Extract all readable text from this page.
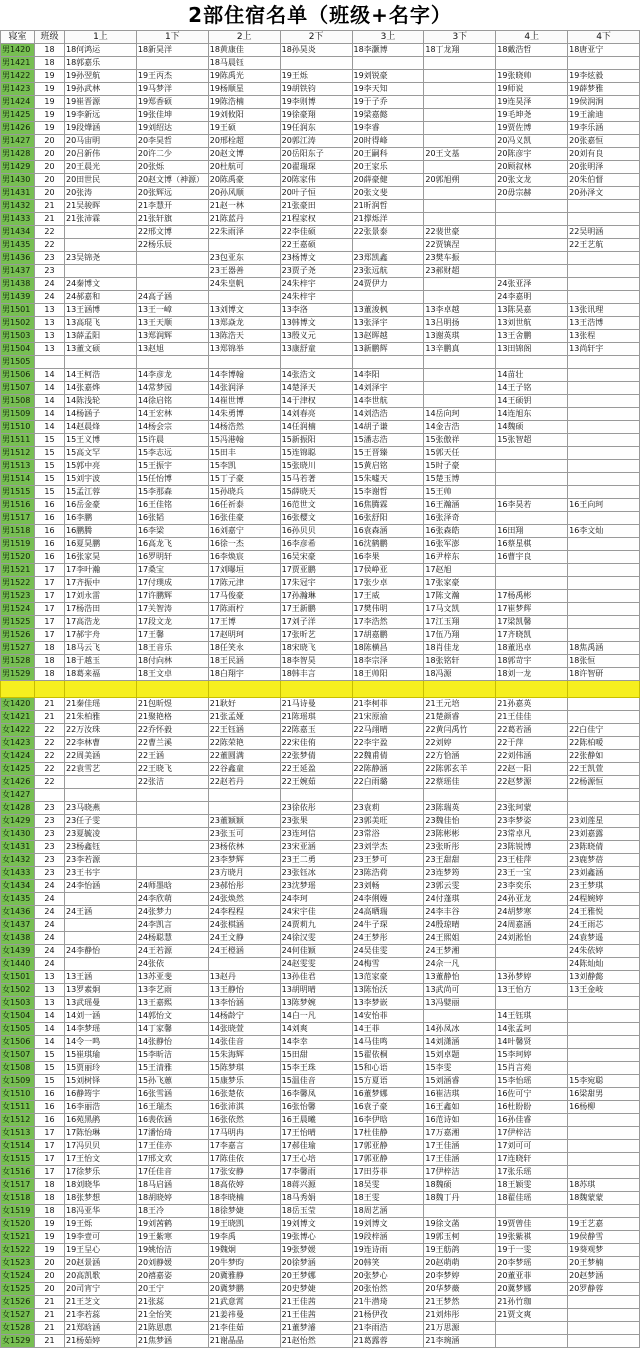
2部住宿名单（班级+名字）
寝室	班级	1上	1下	2上	2下	3上	3下	4上	4下
男1420	18	18何鸿运	18新昊洋	18黄康佳	18孙昊炎	18李灏博	18丁龙翔	18戴浩哲	18唐亚宁
男1421	18	18郭嘉乐		18马晨钰					
男1422	19	19孙翌航	19王丙杰	19陈禹光	19王烁	19刘锐豪		19张晓帅	19李炫毅
男1423	19	19孙武林	19马梦洋	19杨顺星	19胡铁钧	19李天知		19师说	19薛梦雅
男1424	19	19崔晋源	19郑香硕	19陈浩楠	19李则博	19于子乔		19连昊泽	19侯润涧
男1425	19	19李新远	19张佳坤	19刘攸阳	19徐豪翔	19梁嘉懿		19毛坤尧	19王渝迪
男1426	19	19段燁涵	19刘绍达	19王硕	19任润东	19李睿		19贾佐博	19李乐涵
男1427	20	20马宙明	20李昊哲	20邢栓超	20郭江涛	20时得峰		20冯义凯	20张嘉恒
男1428	20	20吕新伟	20许二少	20赵文博	20岳阳东子	20王嗣科	20王文基	20陈彦宇	20刘有良
男1429	20	20王晨光	20张烁	20杜航可	20翟瑞琛	20王家乐		20顾叙林	20张明泽
男1430	20	20田世民	20赵文博（神源）	20陈禹豪	20陈家伟	20薛豪健	20郭旭朔	20张文龙	20朱伯督
男1431	20	20张涛	20张辉远	20孙风顺	20叶子恒	20张文斐		20毋宗赫	20孙泽文
男1432	21	21吴骏晖	21李慧开	21赵一林	21张豪田	21昕润哲			
男1433	21	21张沛霖	21张轩旗	21陈蓝丹	21程家权	21撑烁洋			
男1434	22		22邢文博	22朱雨泽	22李佳硕	22张景泰	22裴世豪		22吴明涵
男1435	22		22杨乐辰		22王嘉硕		22贾镇涅		22王艺航
男1436	23	23吴锦尧		23包亚东	23杨博文	23郑凯鑫	23樊车振		
男1437	23			23王器善	23贾子尧	23张远航	23郝财超		
男1438	24	24秦博文		24朱皇帆	24朱梓宇	24贾伊力		24张亚泽	
男1439	24	24郝嘉和	24高子涵		24朱梓宇			24李嘉明	
男1501	13	13王涵博	13王一嶂	13刘博文	13李洛	13董浚枫	13李卓越	13陈昊嘉	13张讯理
男1502	13	13高琨飞	13王天顺	13郑焱龙	13韩博文	13张泽宇	13吕明扬	13刘世航	13王浩博
男1503	13	13薛孟阳	13郑润辉	13陈浩天	13殷义元	13赵晖越	13谢英琪	13王舍鹏	13张程
男1504	13	13董文硕	13赵旭	13郑锦举	13康舒童	13新鹏辉	13辛鹏真	13田锦阁	13尚轩宇
男1505									
男1506	14	14王柯浩	14李彦龙	14李博翰	14张浩文	14李阳		14苗壮	
男1507	14	14张嘉烨	14常梦园	14张润泽	14楚泽天	14刘泽宇		14王子铭	
男1508	14	14陈浅轮	14徐启铭	14崔世博	14于津权	14李世航		14王硕钥	
男1509	14	14杨涵子	14王宏林	14朱勇博	14刘春亮	14刘浩浩	14岳向珂	14连旭东	
男1510	14	14赵晨烽	14杨会宗	14杨浩然	14任润楠	14胡子谦	14金吉浩	14魏硕	
男1511	15	15王义博	15许晨	15冯港翰	15新振阳	15潘志浩	15张傲祥	15张智超	
男1512	15	15高文罕	15李志远	15田丰	15连锦聪	15王晋臻	15郭天任		
男1513	15	15郭中亮	15王振宇	15李凯	15张晓川	15黄启铭	15时子豪		
男1514	15	15刘宇波	15任怡博	15丁子豪	15马若著	15朱嘘天	15楚玉博		
男1515	15	15孟江蓉	15李那森	15孙晓兵	15薛晓天	15李谢哲	15王帅		
男1516	16	16岳金豪	16王佳铭	16任祈泰	16范世文	16焦腾霖	16王瀚涵	16李昊若	16王向珂
男1517	16	16李鹏	16张韬	16张佳豪	16张樱文	16张舒阳	16张泽奇		
男1518	16	16鹏腾	16李梁	16刘嘉宁	16孙贝贝	16袁森涵	16张森皓	16田翔	16李文灿
男1519	16	16夏昊鹏	16高龙飞	16徐一杰	16李彦希	16沈鹤鹏	16张军澎	16蔡星棋	
男1520	16	16张家昊	16罗明轩	16李焕宸	16吴宋豪	16李果	16尹梓东	16曹宇良	
男1521	17	17李叶瀚	17桑宝	17刘曝垣	17贾亚鹏	17侯峥亚	17赵旭		
男1522	17	17齐振中	17付璞成	17陈元津	17朱冠宇	17张少卓	17张家豪		
男1523	17	17刘永雷	17许鹏辉	17马俊豪	17孙瀚琳	17王威	17陈文瀚	17杨禹彬	
男1524	17	17杨浩田	17关智涛	17陈雨柠	17王新鹏	17樊伟明	17马文凯	17崔梦辉	
男1525	17	17高浩龙	17段文龙	17王博	17刘子洋	17李浩然	17江玉翔	17梁凯馨	
男1526	17	17郝宇舟	17王馨	17赵明珂	17张昕艺	17胡嘉鹏	17伍乃翔	17齐晓凯	
男1527	18	18马云飞	18王音乐	18任笑永	18宋晓飞	18陈横昌	18肖佳龙	18董迅卓	18焦禹涵
男1528	18	18于越玉	18付向林	18王民涵	18李智昊	18李宗泽	18张铭轩	18郭苛宇	18张恒
男1529	18	18葛来福	18王文卓	18白翔宇	18韩丰言	18王帅阳	18冯源	18刘一龙	18许智研

女1420	21	21秦佳瑶	21包昕煜	21耿好	21马诗曼	21李柯菲	21王元培	21孙嘉英	
女1421	21	21朱柏雅	21聚艳格	21张孟娅	21陈瑶琪	21宋原渝	21楚颜睿	21王佳佳	
女1422	22	22万汝珠	22乔怀毅	22王钰涵	22陈嘉玉	22马翊晴	22黄闫禹竹	22葛若涵	22白佳宁
女1423	22	22李林曹	22曹兰溪	22陈荣艳	22宋佳侑	22李宇盈	22刘婷	22于萍	22陈柏嗳
女1424	22	22周美涵	22王涵	22董圆满	22张梦倩	22魏甫倩	22方恰涵	22刘伟涵	22张静如
女1425	22	22袁雪艺	22王晓飞	22谷鑫童	22王延盈	22陈静涵	22陈郭玄羊	22赵一阳	22王凯萱
女1426	22		22张洁	22赵若丹	22王婉茹	22白雨璐	22蔡瑶佳	22赵梦源	22杨源恒
女1427									
女1428	23	23马晓燕			23徐依彤	23袁莉	23陈瑞英	23张珂蒙	
女1429	23	23任子雯		23董颖颖	23张果	23郭美旺	23魏佳怡	23李梦姿	23刘莲星
女1430	23	23夏毓凌		23张玉可	23连珂信	23常浴	23陈彬彬	23常卓凡	23刘嘉露
女1431	23	23杨鑫钰		23杨依林	23宋亚涵	23刘学杰	23张昕彤	23陈锐博	23陈晓倩
女1432	23	23李若源		23李梦辉	23王二勇	23王梦可	23王甜甜	23王桂萍	23鹿梦蓓
女1433	23	23王书宇		23方晓月	23张钰冰	23陈浩荷	23连梦筠	23王一宝	23刘鑫涵
女1434	24	24李怡涵	24师墨晗	23郝怡彤	23沈梦瑶	23刘畅	23郭云雯	23李奕乐	23王梦琪
女1435	24		24李欣萌	24张焕然	24李珂	24李俐嫚	24付蓬琪	24孙亚龙	24程婉婷
女1436	24	24王涵	24张梦力	24李程程	24宋宇佳	24高晒瑞	24李丰谷	24胡梦寒	24王雅悦
女1437	24		24李凯言	24张棋涵	24贾莉九	24牛子琛	24殷琼晴	24周嘉涵	24王雨芯
女1438	24		24杨聪慧	24王文静	24徐汉雯	24王梦彤	24王煕姐	24刘淞怡	24袁梦遥
女1439	24	24李静怡	24王若源	24王橙涵	24何佳颖	24吴佳雯	24王梦湘		24朱依婷
女1440	24		24张依		24赵雯雯	24梅雪	24佘一凡		24陈灿灿
女1501	13	13王涵	13苏亚斐	13赵丹	13孙佳君	13范家豪	13董静怡	13孙梦婷	13刘静懿
女1502	13	13罗素炯	13李艺雨	13王静怡	13胡明晴	13陈怡沃	13武尚可	13王怡方	13王金岐
女1503	13	13武瑶曼	13王嘉熙	13李怡涵	13陈梦婉	13李梦嵌	13冯嬖丽		
女1504	14	14刘一涵	14郭怡文	14杨龄宁	14白一凡	14安怡菲		14王钰琪	
女1505	14	14李梦瑶	14丁家馨	14张晓萱	14刘爽	14王菲	14孙凤冰	14张孟珂	
女1506	14	14令一鸣	14张静怡	14张佳音	14李幸	14马佳鸣	14刘潇涵	14叶馨贤	
女1507	15	15崔琪瑜	15李昕洁	15朱海辉	15田甜	15翟依桐	15刘卓题	15李珂婷	
女1508	15	15贾丽玲	15王清雅	15陈梦琪	15李王珠	15和心语	15李雯	15肖言苑	
女1509	15	15刘树铎	15孙飞蕙	15康梦乐	15温佳音	15方夏语	15刘涵睿	15李怡瑶	15李宛聪
女1510	16	16静筠宇	16张雪涵	16张楚依	16李馨凤	16董梦娜	16崔洁琪	16佐可宁	16梁甜男
女1511	16	16李丽浩	16王瑞杰	16张沛淇	16张怡馨	16袁子豪	16王鑫如	16杜盼盼	16杨柳
女1512	16	16苑黑鹃	16裴依涵	16张依然	16王晨曦	16李伊晗	16范诗如	16孙佳睿	
女1513	17	17陈怡琳	17潘怡琦	17马明冉	17王怡晴	17杜佳静	17万嘉湘	17伊梓洁	
女1514	17	17冯贝贝	17王佳亦	17李嘉言	17郝佳瑜	17郭亚静	17王佳涵	17刘可可	
女1515	17	17王怡文	17邢文欢	17陈佳依	17王心培	17郭亚静	17王佳涵	17连晓轩	
女1516	17	17徐梦乐	17任佳音	17张安静	17李馨雨	17田芬菲	17伊梓洁	17张乐瑶	
女1517	18	18刘晓华	18马启涵	18高依婷	18蒋兴源	18吴雯	18魏硕	18王颖雯	18苏琪
女1518	18	18张梦想	18胡晓婷	18李晓楠	18马秀娟	18王雯	18魏丁丹	18翟佳瑶	18魏蒙蒙
女1519	18	18冯亚华	18王冷	18徐梦婕	18岳玉莹	18周艺涵			
女1520	19	19王烁	19刘茜鹤	19王晓凯	19刘博文	19刘博文	19徐文菡	19贾曾佳	19王艺嘉
女1521	19	19李壹可	19王紫寒	19李禹	19张博心	19段梓涵	19郭玉柯	19张紫褀	19侯静雪
女1522	19	19王呈心	19姚怡洁	19魏炯	19张梦媛	19连诗雨	19王舫鸽	19于一雯	19葵观梦
女1523	20	20赵景涵	20刘静媛	20牛梦昀	20徐梦涵	20韩笑	20赵萌萌	20李梦瑶	20王梦楠
女1524	20	20高凯歌	20禧嘉姿	20冀雅静	20王梦娜	20张梦心	20李梦婷	20董亚菲	20赵梦涵
女1525	20	20司宵宁	20王宁	20冀梦鹏	20史梦婕	20张怡然	20华梦薇	20冀梦娜	20罗静蓉
女1526	21	21王芝文	21张蕊	21武意霄	21王佳茜	21牛潜琦	21王梦然	21孙竹珈	
女1527	21	21李若蕊	21全怡笑	21姜祎曼	21王佳茜	21杨伊孜	21刘炜彤	21贾文爽	
女1528	21	21郑晗涵	21陈恩惠	21李佳茹	21董梦濬	21李雨浩	21万思源		
女1529	21	21杨茹婷	21焦梦涵	21谢晶晶	21赵怡然	21葛露蓉	21李琬涵		
